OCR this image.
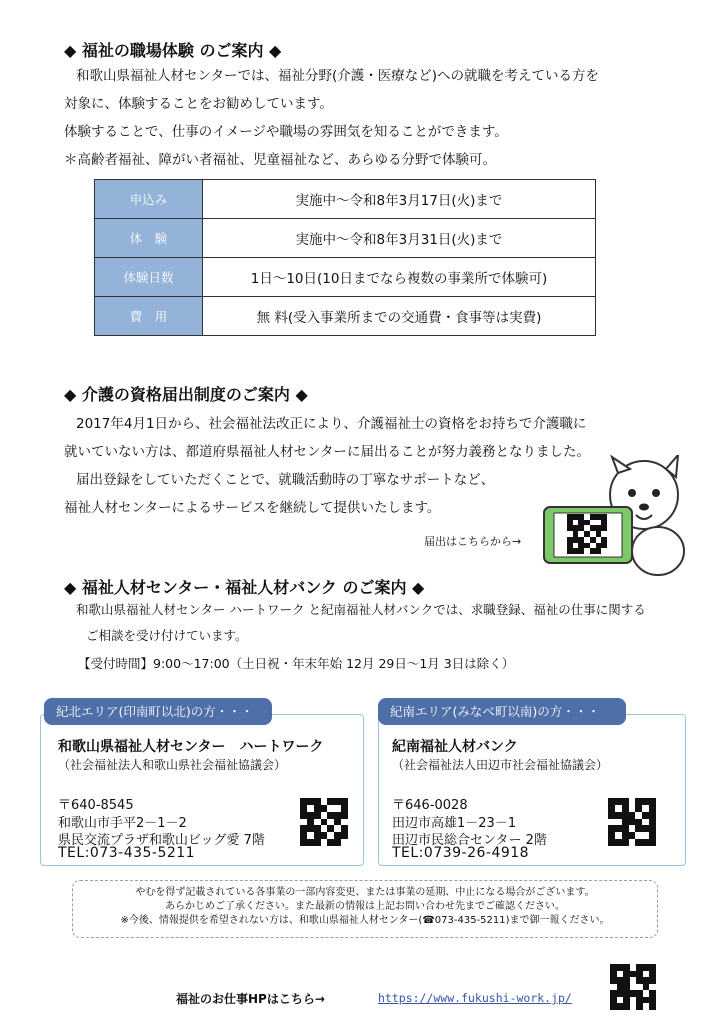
◆ 福祉の職場体験 のご案内 ◆
和歌山県福祉人材センターでは、福祉分野(介護・医療など)への就職を考えている方を
対象に、体験することをお勧めしています。
体験することで、仕事のイメージや職場の雰囲気を知ることができます。
＊高齢者福祉、障がい者福祉、児童福祉など、あらゆる分野で体験可。
申込み	実施中～令和8年3月17日(火)まで
体　験	実施中～令和8年3月31日(火)まで
体験日数	1日～10日(10日までなら複数の事業所で体験可)
費　用	無 料(受入事業所までの交通費・食事等は実費)
◆ 介護の資格届出制度のご案内 ◆
2017年4月1日から、社会福祉法改正により、介護福祉士の資格をお持ちで介護職に
就いていない方は、都道府県福祉人材センターに届出ることが努力義務となりました。
届出登録をしていただくことで、就職活動時の丁寧なサポートなど、
福祉人材センターによるサービスを継続して提供いたします。
届出はこちらから→
◆ 福祉人材センター・福祉人材バンク のご案内 ◆
和歌山県福祉人材センター ハートワーク と紀南福祉人材バンクでは、求職登録、福祉の仕事に関する
ご相談を受け付けています。
【受付時間】9:00～17:00（土日祝・年末年始 12月 29日～1月 3日は除く）
紀北エリア(印南町以北)の方・・・
和歌山県福祉人材センター　ハートワーク
（社会福祉法人和歌山県社会福祉協議会）
〒640-8545
和歌山市手平2－1－2
県民交流プラザ和歌山ビッグ愛 7階
TEL:073-435-5211
紀南エリア(みなべ町以南)の方・・・
紀南福祉人材バンク
（社会福祉法人田辺市社会福祉協議会）
〒646-0028
田辺市高雄1－23－1
田辺市民総合センター 2階
TEL:0739-26-4918

やむを得ず記載されている各事業の一部内容変更、または事業の延期、中止になる場合がございます。

あらかじめご了承ください。また最新の情報は上記お問い合わせ先までご確認ください。

※今後、情報提供を希望されない方は、和歌山県福祉人材センター(☎073-435-5211)まで御一報ください。

福祉のお仕事HPはこちら→	https://www.fukushi-work.jp/
